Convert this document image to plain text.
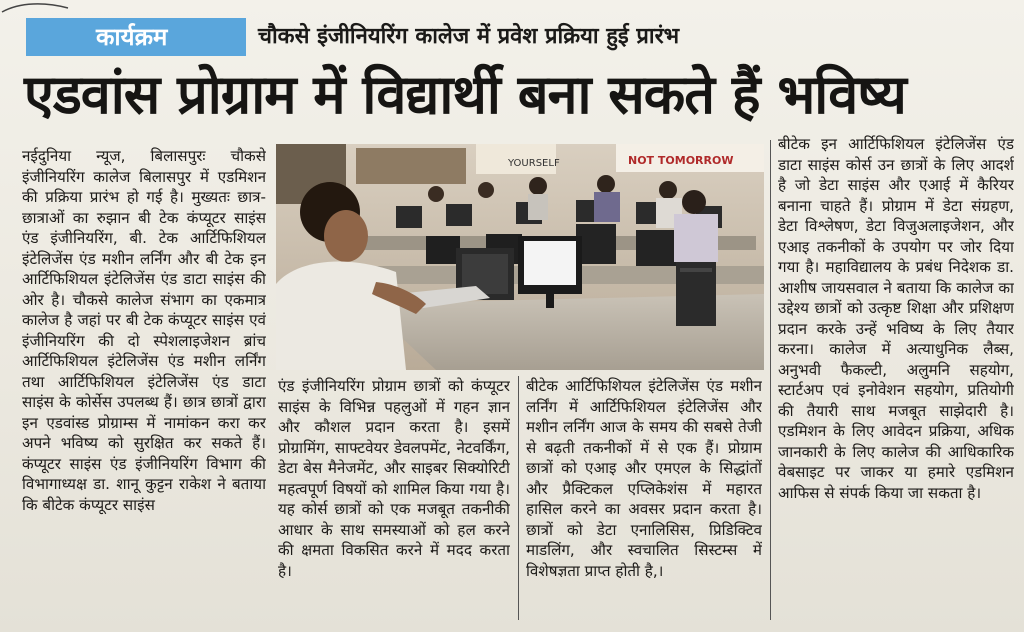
कार्यक्रम	चौकसे इंजीनियरिंग कालेज में प्रवेश प्रक्रिया हुई प्रारंभ
एडवांस प्रोग्राम में विद्यार्थी बना सकते हैं भविष्य
नईदुनिया न्यूज, बिलासपुरः चौकसे इंजीनियरिंग कालेज बिलासपुर में एडमिशन की प्रक्रिया प्रारंभ हो गई है। मुख्यतः छात्र-छात्राओं का रुझान बी टेक कंप्यूटर साइंस एंड इंजीनियरिंग, बी. टेक आर्टिफिशियल इंटेलिजेंस एंड मशीन लर्निंग और बी टेक इन आर्टिफिशियल इंटेलिजेंस एंड डाटा साइंस की ओर है। चौकसे कालेज संभाग का एकमात्र कालेज है जहां पर बी टेक कंप्यूटर साइंस एवं इंजीनियरिंग की दो स्पेशलाइजेशन ब्रांच आर्टिफिशियल इंटेलिजेंस एंड मशीन लर्निंग तथा आर्टिफिशियल इंटेलिजेंस एंड डाटा साइंस के कोर्सेस उपलब्ध हैं। छात्र छात्रों द्वारा इन एडवांस्ड प्रोग्राम्स में नामांकन करा कर अपने भविष्य को सुरक्षित कर सकते हैं। कंप्यूटर साइंस एंड इंजीनियरिंग विभाग की विभागाध्यक्ष डा. शानू कुट्टन राकेश ने बताया कि बीटेक कंप्यूटर साइंस
YOURSELF	NOT TOMORROW
एंड इंजीनियरिंग प्रोग्राम छात्रों को कंप्यूटर साइंस के विभिन्न पहलुओं में गहन ज्ञान और कौशल प्रदान करता है। इसमें प्रोग्रामिंग, साफ्टवेयर डेवलपमेंट, नेटवर्किंग, डेटा बेस मैनेजमेंट, और साइबर सिक्योरिटी महत्वपूर्ण विषयों को शामिल किया गया है। यह कोर्स छात्रों को एक मजबूत तकनीकी आधार के साथ समस्याओं को हल करने की क्षमता विकसित करने में मदद करता है।
बीटेक आर्टिफिशियल इंटेलिजेंस एंड मशीन लर्निंग में आर्टिफिशियल इंटेलिजेंस और मशीन लर्निंग आज के समय की सबसे तेजी से बढ़ती तकनीकों में से एक हैं। प्रोग्राम छात्रों को एआइ और एमएल के सिद्धांतों और प्रैक्टिकल एप्लिकेशंस में महारत हासिल करने का अवसर प्रदान करता है। छात्रों को डेटा एनालिसिस, प्रिडिक्टिव माडलिंग, और स्वचालित सिस्टम्स में विशेषज्ञता प्राप्त होती है,।
बीटेक इन आर्टिफिशियल इंटेलिजेंस एंड डाटा साइंस कोर्स उन छात्रों के लिए आदर्श है जो डेटा साइंस और एआई में कैरियर बनाना चाहते हैं। प्रोग्राम में डेटा संग्रहण, डेटा विश्लेषण, डेटा विजुअलाइजेशन, और एआइ तकनीकों के उपयोग पर जोर दिया गया है। महाविद्यालय के प्रबंध निदेशक डा. आशीष जायसवाल ने बताया कि कालेज का उद्देश्य छात्रों को उत्कृष्ट शिक्षा और प्रशिक्षण प्रदान करके उन्हें भविष्य के लिए तैयार करना। कालेज में अत्याधुनिक लैब्स, अनुभवी फैकल्टी, अलुमनि सहयोग, स्टार्टअप एवं इनोवेशन सहयोग, प्रतियोगी की तैयारी साथ मजबूत साझेदारी है। एडमिशन के लिए आवेदन प्रक्रिया, अधिक जानकारी के लिए कालेज की आधिकारिक वेबसाइट पर जाकर या हमारे एडमिशन आफिस से संपर्क किया जा सकता है।
